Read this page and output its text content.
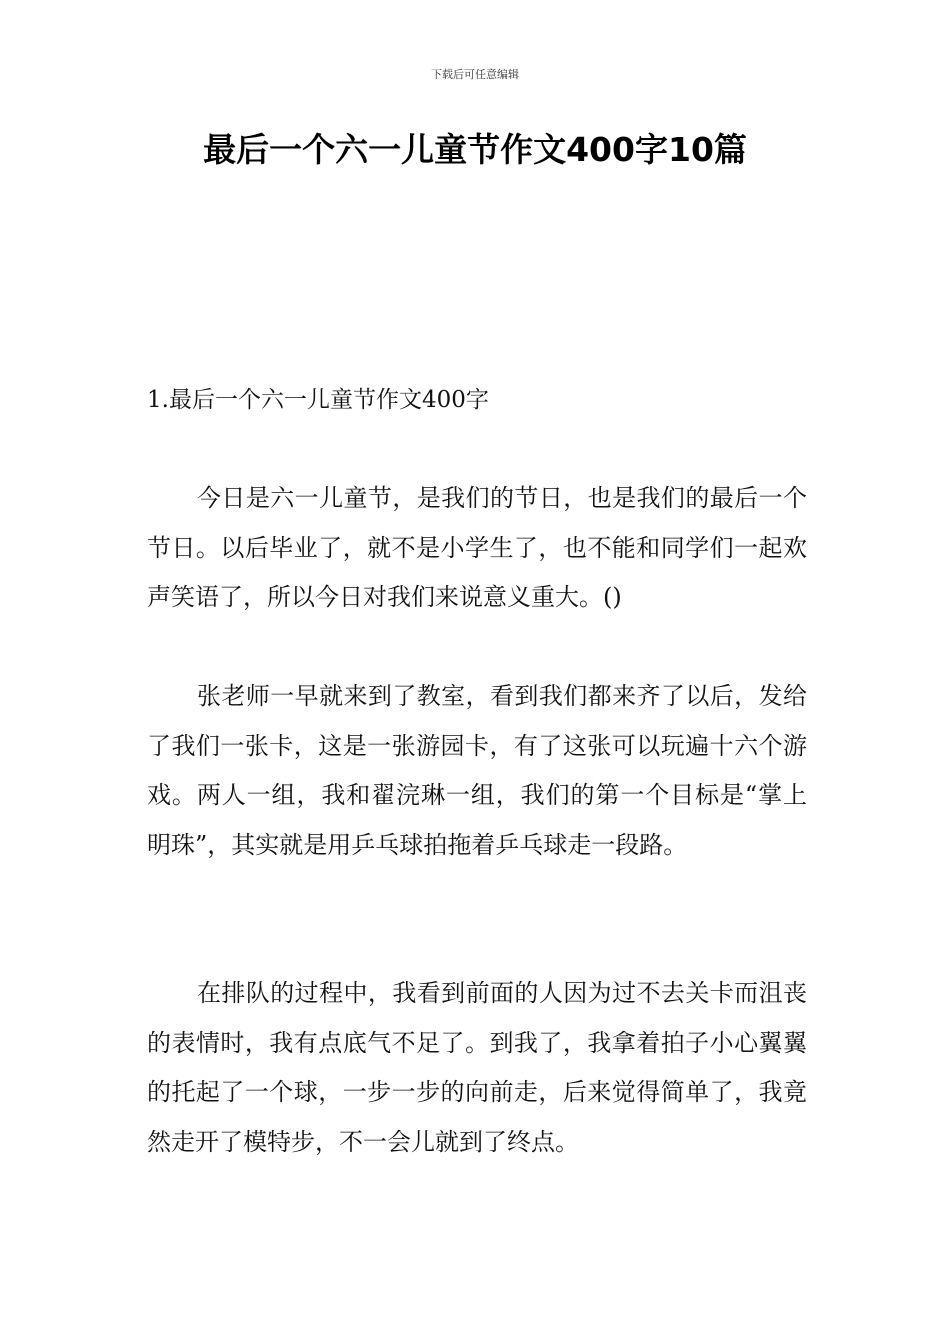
下载后可任意编辑
最后一个六一儿童节作文400字10篇
1.最后一个六一儿童节作文400字

今日是六一儿童节，是我们的节日，也是我们的最后一个节日。以后毕业了，就不是小学生了，也不能和同学们一起欢声笑语了，所以今日对我们来说意义重大。()

张老师一早就来到了教室，看到我们都来齐了以后，发给了我们一张卡，这是一张游园卡，有了这张可以玩遍十六个游戏。两人一组，我和翟浣琳一组，我们的第一个目标是“掌上明珠”，其实就是用乒乓球拍拖着乒乓球走一段路。

在排队的过程中，我看到前面的人因为过不去关卡而沮丧的表情时，我有点底气不足了。到我了，我拿着拍子小心翼翼的托起了一个球，一步一步的向前走，后来觉得简单了，我竟然走开了模特步，不一会儿就到了终点。
